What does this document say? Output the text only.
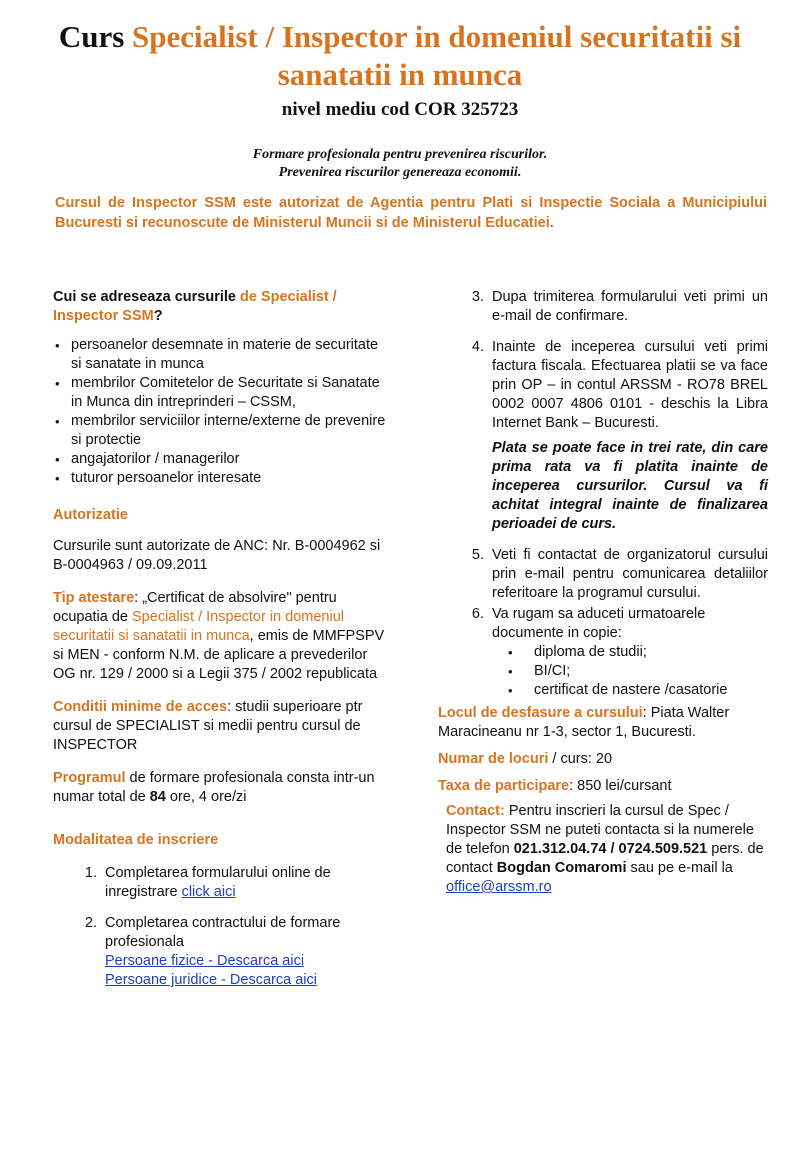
Curs Specialist / Inspector in domeniul securitatii si sanatatii in munca
nivel mediu cod COR 325723
Formare profesionala pentru prevenirea riscurilor.
Prevenirea riscurilor genereaza economii.
Cursul de Inspector SSM este autorizat de Agentia pentru Plati si Inspectie Sociala a Municipiului Bucuresti si recunoscute de Ministerul Muncii si de Ministerul Educatiei.
Cui se adreseaza cursurile de Specialist / Inspector SSM?
• persoanelor desemnate in materie de securitate si sanatate in munca
• membrilor Comitetelor de Securitate si Sanatate in Munca din intreprinderi – CSSM,
• membrilor serviciilor interne/externe de prevenire si protectie
• angajatorilor / managerilor
• tuturor persoanelor interesate
Autorizatie

Cursurile sunt autorizate de ANC: Nr. B-0004962 si B-0004963 / 09.09.2011

Tip atestare: „Certificat de absolvire" pentru ocupatia de Specialist / Inspector in domeniul securitatii si sanatatii in munca, emis de MMFPSPV si MEN - conform N.M. de aplicare a prevederilor OG nr. 129 / 2000 si a Legii 375 / 2002 republicata

Conditii minime de acces: studii superioare ptr cursul de SPECIALIST si medii pentru cursul de INSPECTOR

Programul de formare profesionala consta intr-un numar total de 84 ore, 4 ore/zi

Modalitatea de inscriere
1. Completarea formularului online de inregistrare click aici
2. Completarea contractului de formare profesionala
Persoane fizice - Descarca aici
Persoane juridice - Descarca aici
3. Dupa trimiterea formularului veti primi un e-mail de confirmare.
4. Inainte de inceperea cursului veti primi factura fiscala. Efectuarea platii se va face prin OP – in contul ARSSM - RO78 BREL 0002 0007 4806 0101 - deschis la Libra Internet Bank – Bucuresti.

Plata se poate face in trei rate, din care prima rata va fi platita inainte de inceperea cursurilor. Cursul va fi achitat integral inainte de finalizarea perioadei de curs.

5. Veti fi contactat de organizatorul cursului prin e-mail pentru comunicarea detaliilor referitoare la programul cursului.
6. Va rugam sa aduceti urmatoarele documente in copie:
• diploma de studii;
• BI/CI;
• certificat de nastere /casatorie

Locul de desfasure a cursului: Piata Walter Maracineanu nr 1-3, sector 1, Bucuresti.

Numar de locuri / curs: 20

Taxa de participare: 850 lei/cursant

Contact: Pentru inscrieri la cursul de Spec / Inspector SSM ne puteti contacta si la numerele de telefon 021.312.04.74 / 0724.509.521 pers. de contact Bogdan Comaromi sau pe e-mail la office@arssm.ro
